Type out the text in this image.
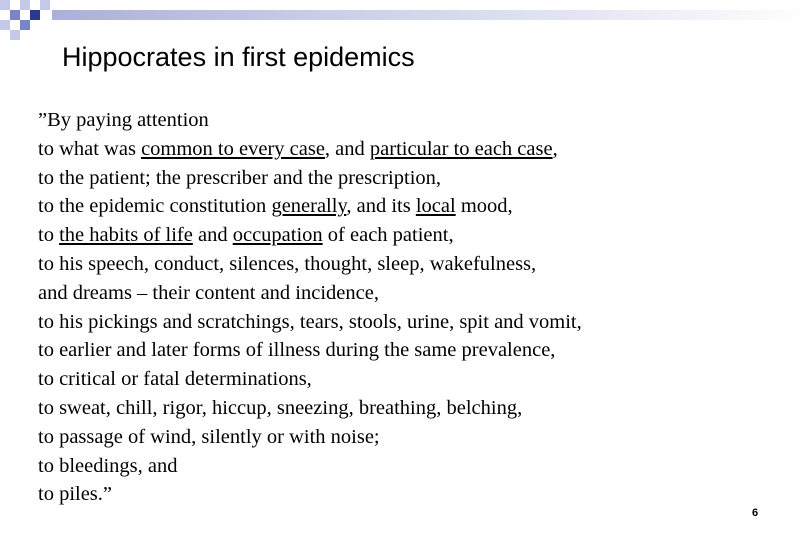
Hippocrates in first epidemics
”By paying attention
to what was common to every case, and particular to each case,
to the patient; the prescriber and the prescription,
to the epidemic constitution generally, and its local mood,
to the habits of life and occupation of each patient,
to his speech, conduct, silences, thought, sleep, wakefulness,
and dreams – their content and incidence,
to his pickings and scratchings, tears, stools, urine, spit and vomit,
to earlier and later forms of illness during the same prevalence,
to critical or fatal determinations,
to sweat, chill, rigor, hiccup, sneezing, breathing, belching,
to passage of wind, silently or with noise;
to bleedings, and
to piles.”
6
